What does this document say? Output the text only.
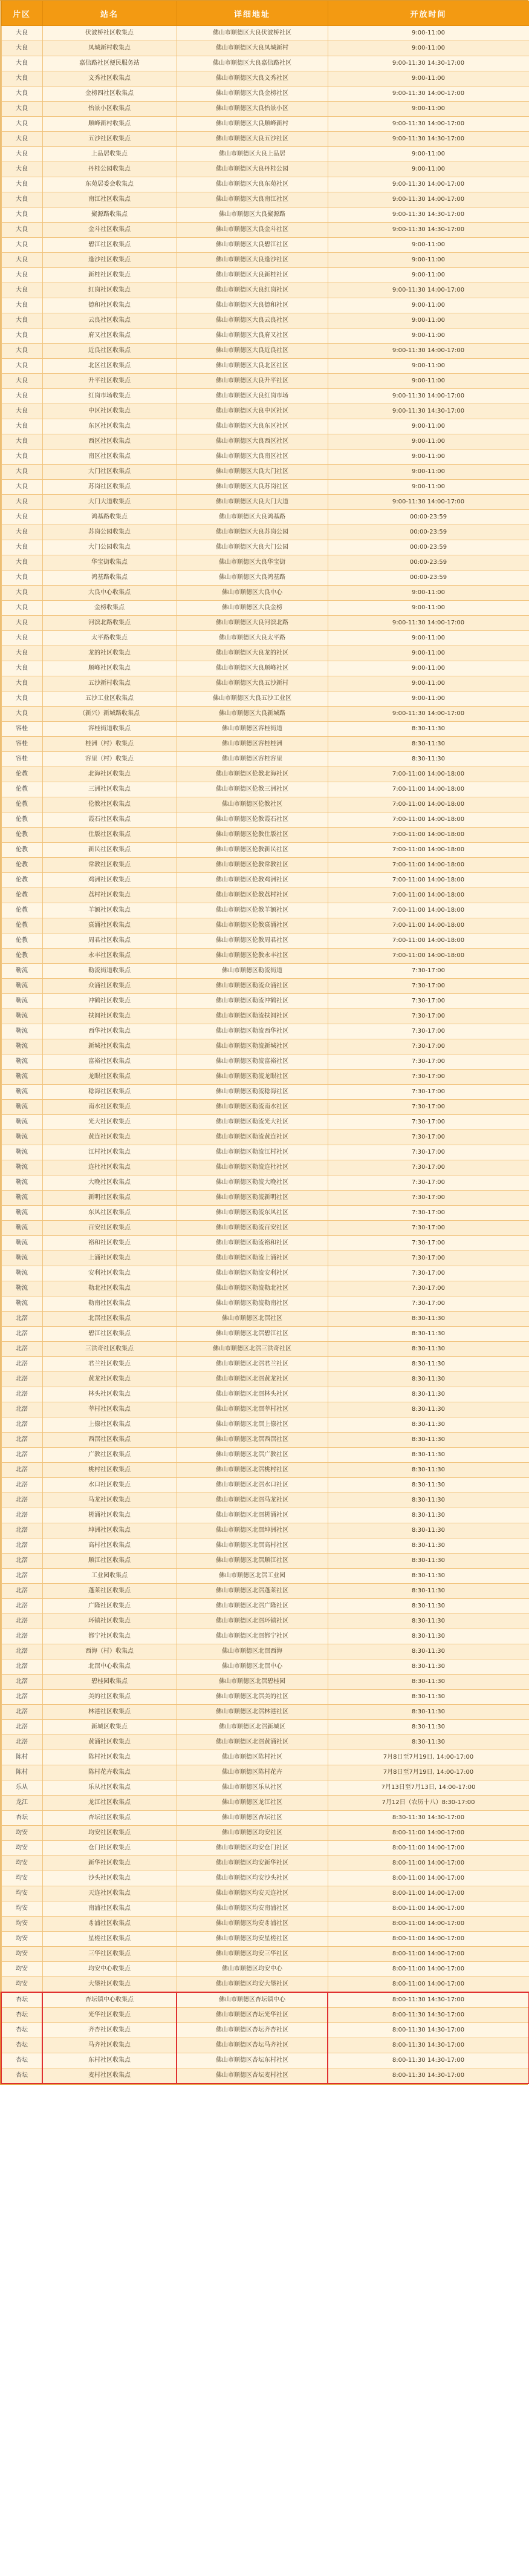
片区	站名	详细地址	开放时间
大良	伏波桥社区收集点	佛山市顺德区大良伏波桥社区	9:00-11:00
大良	凤城新村收集点	佛山市顺德区大良凤城新村	9:00-11:00
大良	嘉信路社区便民服务站	佛山市顺德区大良嘉信路社区	9:00-11:30 14:30-17:00
大良	文秀社区收集点	佛山市顺德区大良文秀社区	9:00-11:00
大良	金榜四社区收集点	佛山市顺德区大良金榜社区	9:00-11:30 14:00-17:00
大良	怡景小区收集点	佛山市顺德区大良怡景小区	9:00-11:00
大良	顺峰新村收集点	佛山市顺德区大良顺峰新村	9:00-11:30 14:00-17:00
大良	五沙社区收集点	佛山市顺德区大良五沙社区	9:00-11:30 14:30-17:00
大良	上品居收集点	佛山市顺德区大良上品居	9:00-11:00
大良	丹桂公园收集点	佛山市顺德区大良丹桂公园	9:00-11:00
大良	东苑居委会收集点	佛山市顺德区大良东苑社区	9:00-11:30 14:00-17:00
大良	南江社区收集点	佛山市顺德区大良南江社区	9:00-11:30 14:00-17:00
大良	聚源路收集点	佛山市顺德区大良聚源路	9:00-11:30 14:30-17:00
大良	金斗社区收集点	佛山市顺德区大良金斗社区	9:00-11:30 14:30-17:00
大良	碧江社区收集点	佛山市顺德区大良碧江社区	9:00-11:00
大良	逢沙社区收集点	佛山市顺德区大良逢沙社区	9:00-11:00
大良	新桂社区收集点	佛山市顺德区大良新桂社区	9:00-11:00
大良	红岗社区收集点	佛山市顺德区大良红岗社区	9:00-11:30 14:00-17:00
大良	德和社区收集点	佛山市顺德区大良德和社区	9:00-11:00
大良	云良社区收集点	佛山市顺德区大良云良社区	9:00-11:00
大良	府又社区收集点	佛山市顺德区大良府又社区	9:00-11:00
大良	近良社区收集点	佛山市顺德区大良近良社区	9:00-11:30 14:00-17:00
大良	北区社区收集点	佛山市顺德区大良北区社区	9:00-11:00
大良	升平社区收集点	佛山市顺德区大良升平社区	9:00-11:00
大良	红岗市场收集点	佛山市顺德区大良红岗市场	9:00-11:30 14:00-17:00
大良	中区社区收集点	佛山市顺德区大良中区社区	9:00-11:30 14:30-17:00
大良	东区社区收集点	佛山市顺德区大良东区社区	9:00-11:00
大良	西区社区收集点	佛山市顺德区大良西区社区	9:00-11:00
大良	南区社区收集点	佛山市顺德区大良南区社区	9:00-11:00
大良	大门社区收集点	佛山市顺德区大良大门社区	9:00-11:00
大良	苏岗社区收集点	佛山市顺德区大良苏岗社区	9:00-11:00
大良	大门大道收集点	佛山市顺德区大良大门大道	9:00-11:30 14:00-17:00
大良	鸿基路收集点	佛山市顺德区大良鸿基路	00:00-23:59
大良	苏岗公园收集点	佛山市顺德区大良苏岗公园	00:00-23:59
大良	大门公园收集点	佛山市顺德区大良大门公园	00:00-23:59
大良	华宝街收集点	佛山市顺德区大良华宝街	00:00-23:59
大良	鸿基路收集点	佛山市顺德区大良鸿基路	00:00-23:59
大良	大良中心收集点	佛山市顺德区大良中心	9:00-11:00
大良	金榜收集点	佛山市顺德区大良金榜	9:00-11:00
大良	河滨北路收集点	佛山市顺德区大良河滨北路	9:00-11:30 14:00-17:00
大良	太平路收集点	佛山市顺德区大良太平路	9:00-11:00
大良	龙的社区收集点	佛山市顺德区大良龙的社区	9:00-11:00
大良	顺峰社区收集点	佛山市顺德区大良顺峰社区	9:00-11:00
大良	五沙新村收集点	佛山市顺德区大良五沙新村	9:00-11:00
大良	五沙工业区收集点	佛山市顺德区大良五沙工业区	9:00-11:00
大良	（新兴）新城路收集点	佛山市顺德区大良新城路	9:00-11:30 14:00-17:00
容桂	容桂街道收集点	佛山市顺德区容桂街道	8:30-11:30
容桂	桂洲（村）收集点	佛山市顺德区容桂桂洲	8:30-11:30
容桂	容里（村）收集点	佛山市顺德区容桂容里	8:30-11:30
伦教	北海社区收集点	佛山市顺德区伦教北海社区	7:00-11:00 14:00-18:00
伦教	三洲社区收集点	佛山市顺德区伦教三洲社区	7:00-11:00 14:00-18:00
伦教	伦教社区收集点	佛山市顺德区伦教社区	7:00-11:00 14:00-18:00
伦教	霞石社区收集点	佛山市顺德区伦教霞石社区	7:00-11:00 14:00-18:00
伦教	仕版社区收集点	佛山市顺德区伦教仕版社区	7:00-11:00 14:00-18:00
伦教	新民社区收集点	佛山市顺德区伦教新民社区	7:00-11:00 14:00-18:00
伦教	常教社区收集点	佛山市顺德区伦教常教社区	7:00-11:00 14:00-18:00
伦教	鸡洲社区收集点	佛山市顺德区伦教鸡洲社区	7:00-11:00 14:00-18:00
伦教	荔村社区收集点	佛山市顺德区伦教荔村社区	7:00-11:00 14:00-18:00
伦教	羊额社区收集点	佛山市顺德区伦教羊额社区	7:00-11:00 14:00-18:00
伦教	熹涌社区收集点	佛山市顺德区伦教熹涌社区	7:00-11:00 14:00-18:00
伦教	周君社区收集点	佛山市顺德区伦教周君社区	7:00-11:00 14:00-18:00
伦教	永丰社区收集点	佛山市顺德区伦教永丰社区	7:00-11:00 14:00-18:00
勒流	勒流街道收集点	佛山市顺德区勒流街道	7:30-17:00
勒流	众涌社区收集点	佛山市顺德区勒流众涌社区	7:30-17:00
勒流	冲鹤社区收集点	佛山市顺德区勒流冲鹤社区	7:30-17:00
勒流	扶闾社区收集点	佛山市顺德区勒流扶闾社区	7:30-17:00
勒流	西华社区收集点	佛山市顺德区勒流西华社区	7:30-17:00
勒流	新城社区收集点	佛山市顺德区勒流新城社区	7:30-17:00
勒流	富裕社区收集点	佛山市顺德区勒流富裕社区	7:30-17:00
勒流	龙眼社区收集点	佛山市顺德区勒流龙眼社区	7:30-17:00
勒流	稔海社区收集点	佛山市顺德区勒流稔海社区	7:30-17:00
勒流	南水社区收集点	佛山市顺德区勒流南水社区	7:30-17:00
勒流	光大社区收集点	佛山市顺德区勒流光大社区	7:30-17:00
勒流	黄连社区收集点	佛山市顺德区勒流黄连社区	7:30-17:00
勒流	江村社区收集点	佛山市顺德区勒流江村社区	7:30-17:00
勒流	连杜社区收集点	佛山市顺德区勒流连杜社区	7:30-17:00
勒流	大晚社区收集点	佛山市顺德区勒流大晚社区	7:30-17:00
勒流	新明社区收集点	佛山市顺德区勒流新明社区	7:30-17:00
勒流	东风社区收集点	佛山市顺德区勒流东风社区	7:30-17:00
勒流	百安社区收集点	佛山市顺德区勒流百安社区	7:30-17:00
勒流	裕和社区收集点	佛山市顺德区勒流裕和社区	7:30-17:00
勒流	上涌社区收集点	佛山市顺德区勒流上涌社区	7:30-17:00
勒流	安利社区收集点	佛山市顺德区勒流安利社区	7:30-17:00
勒流	勒北社区收集点	佛山市顺德区勒流勒北社区	7:30-17:00
勒流	勒南社区收集点	佛山市顺德区勒流勒南社区	7:30-17:00
北滘	北滘社区收集点	佛山市顺德区北滘社区	8:30-11:30
北滘	碧江社区收集点	佛山市顺德区北滘碧江社区	8:30-11:30
北滘	三洪奇社区收集点	佛山市顺德区北滘三洪奇社区	8:30-11:30
北滘	君兰社区收集点	佛山市顺德区北滘君兰社区	8:30-11:30
北滘	黄龙社区收集点	佛山市顺德区北滘黄龙社区	8:30-11:30
北滘	林头社区收集点	佛山市顺德区北滘林头社区	8:30-11:30
北滘	莘村社区收集点	佛山市顺德区北滘莘村社区	8:30-11:30
北滘	上僚社区收集点	佛山市顺德区北滘上僚社区	8:30-11:30
北滘	西滘社区收集点	佛山市顺德区北滘西滘社区	8:30-11:30
北滘	广教社区收集点	佛山市顺德区北滘广教社区	8:30-11:30
北滘	桃村社区收集点	佛山市顺德区北滘桃村社区	8:30-11:30
北滘	水口社区收集点	佛山市顺德区北滘水口社区	8:30-11:30
北滘	马龙社区收集点	佛山市顺德区北滘马龙社区	8:30-11:30
北滘	槎涌社区收集点	佛山市顺德区北滘槎涌社区	8:30-11:30
北滘	坤洲社区收集点	佛山市顺德区北滘坤洲社区	8:30-11:30
北滘	高村社区收集点	佛山市顺德区北滘高村社区	8:30-11:30
北滘	顺江社区收集点	佛山市顺德区北滘顺江社区	8:30-11:30
北滘	工业园收集点	佛山市顺德区北滘工业园	8:30-11:30
北滘	蓬莱社区收集点	佛山市顺德区北滘蓬莱社区	8:30-11:30
北滘	广隆社区收集点	佛山市顺德区北滘广隆社区	8:30-11:30
北滘	环镇社区收集点	佛山市顺德区北滘环镇社区	8:30-11:30
北滘	都宁社区收集点	佛山市顺德区北滘都宁社区	8:30-11:30
北滘	西海（村）收集点	佛山市顺德区北滘西海	8:30-11:30
北滘	北滘中心收集点	佛山市顺德区北滘中心	8:30-11:30
北滘	碧桂园收集点	佛山市顺德区北滘碧桂园	8:30-11:30
北滘	美的社区收集点	佛山市顺德区北滘美的社区	8:30-11:30
北滘	林港社区收集点	佛山市顺德区北滘林港社区	8:30-11:30
北滘	新城区收集点	佛山市顺德区北滘新城区	8:30-11:30
北滘	黄涌社区收集点	佛山市顺德区北滘黄涌社区	8:30-11:30
陈村	陈村社区收集点	佛山市顺德区陈村社区	7月8日至7月19日, 14:00-17:00
陈村	陈村花卉收集点	佛山市顺德区陈村花卉	7月8日至7月19日, 14:00-17:00
乐从	乐从社区收集点	佛山市顺德区乐从社区	7月13日至7月13日, 14:00-17:00
龙江	龙江社区收集点	佛山市顺德区龙江社区	7月12日（农历十八）8:30-17:00
杏坛	杏坛社区收集点	佛山市顺德区杏坛社区	8:30-11:30 14:30-17:00
均安	均安社区收集点	佛山市顺德区均安社区	8:00-11:00 14:00-17:00
均安	仓门社区收集点	佛山市顺德区均安仓门社区	8:00-11:00 14:00-17:00
均安	新华社区收集点	佛山市顺德区均安新华社区	8:00-11:00 14:00-17:00
均安	沙头社区收集点	佛山市顺德区均安沙头社区	8:00-11:00 14:00-17:00
均安	天连社区收集点	佛山市顺德区均安天连社区	8:00-11:00 14:00-17:00
均安	南浦社区收集点	佛山市顺德区均安南浦社区	8:00-11:00 14:00-17:00
均安	豸浦社区收集点	佛山市顺德区均安豸浦社区	8:00-11:00 14:00-17:00
均安	星槎社区收集点	佛山市顺德区均安星槎社区	8:00-11:00 14:00-17:00
均安	三华社区收集点	佛山市顺德区均安三华社区	8:00-11:00 14:00-17:00
均安	均安中心收集点	佛山市顺德区均安中心	8:00-11:00 14:00-17:00
均安	大堡社区收集点	佛山市顺德区均安大堡社区	8:00-11:00 14:00-17:00
杏坛	杏坛镇中心收集点	佛山市顺德区杏坛镇中心	8:00-11:30 14:30-17:00
杏坛	光华社区收集点	佛山市顺德区杏坛光华社区	8:00-11:30 14:30-17:00
杏坛	齐杏社区收集点	佛山市顺德区杏坛齐杏社区	8:00-11:30 14:30-17:00
杏坛	马齐社区收集点	佛山市顺德区杏坛马齐社区	8:00-11:30 14:30-17:00
杏坛	东村社区收集点	佛山市顺德区杏坛东村社区	8:00-11:30 14:30-17:00
杏坛	麦村社区收集点	佛山市顺德区杏坛麦村社区	8:00-11:30 14:30-17:00
